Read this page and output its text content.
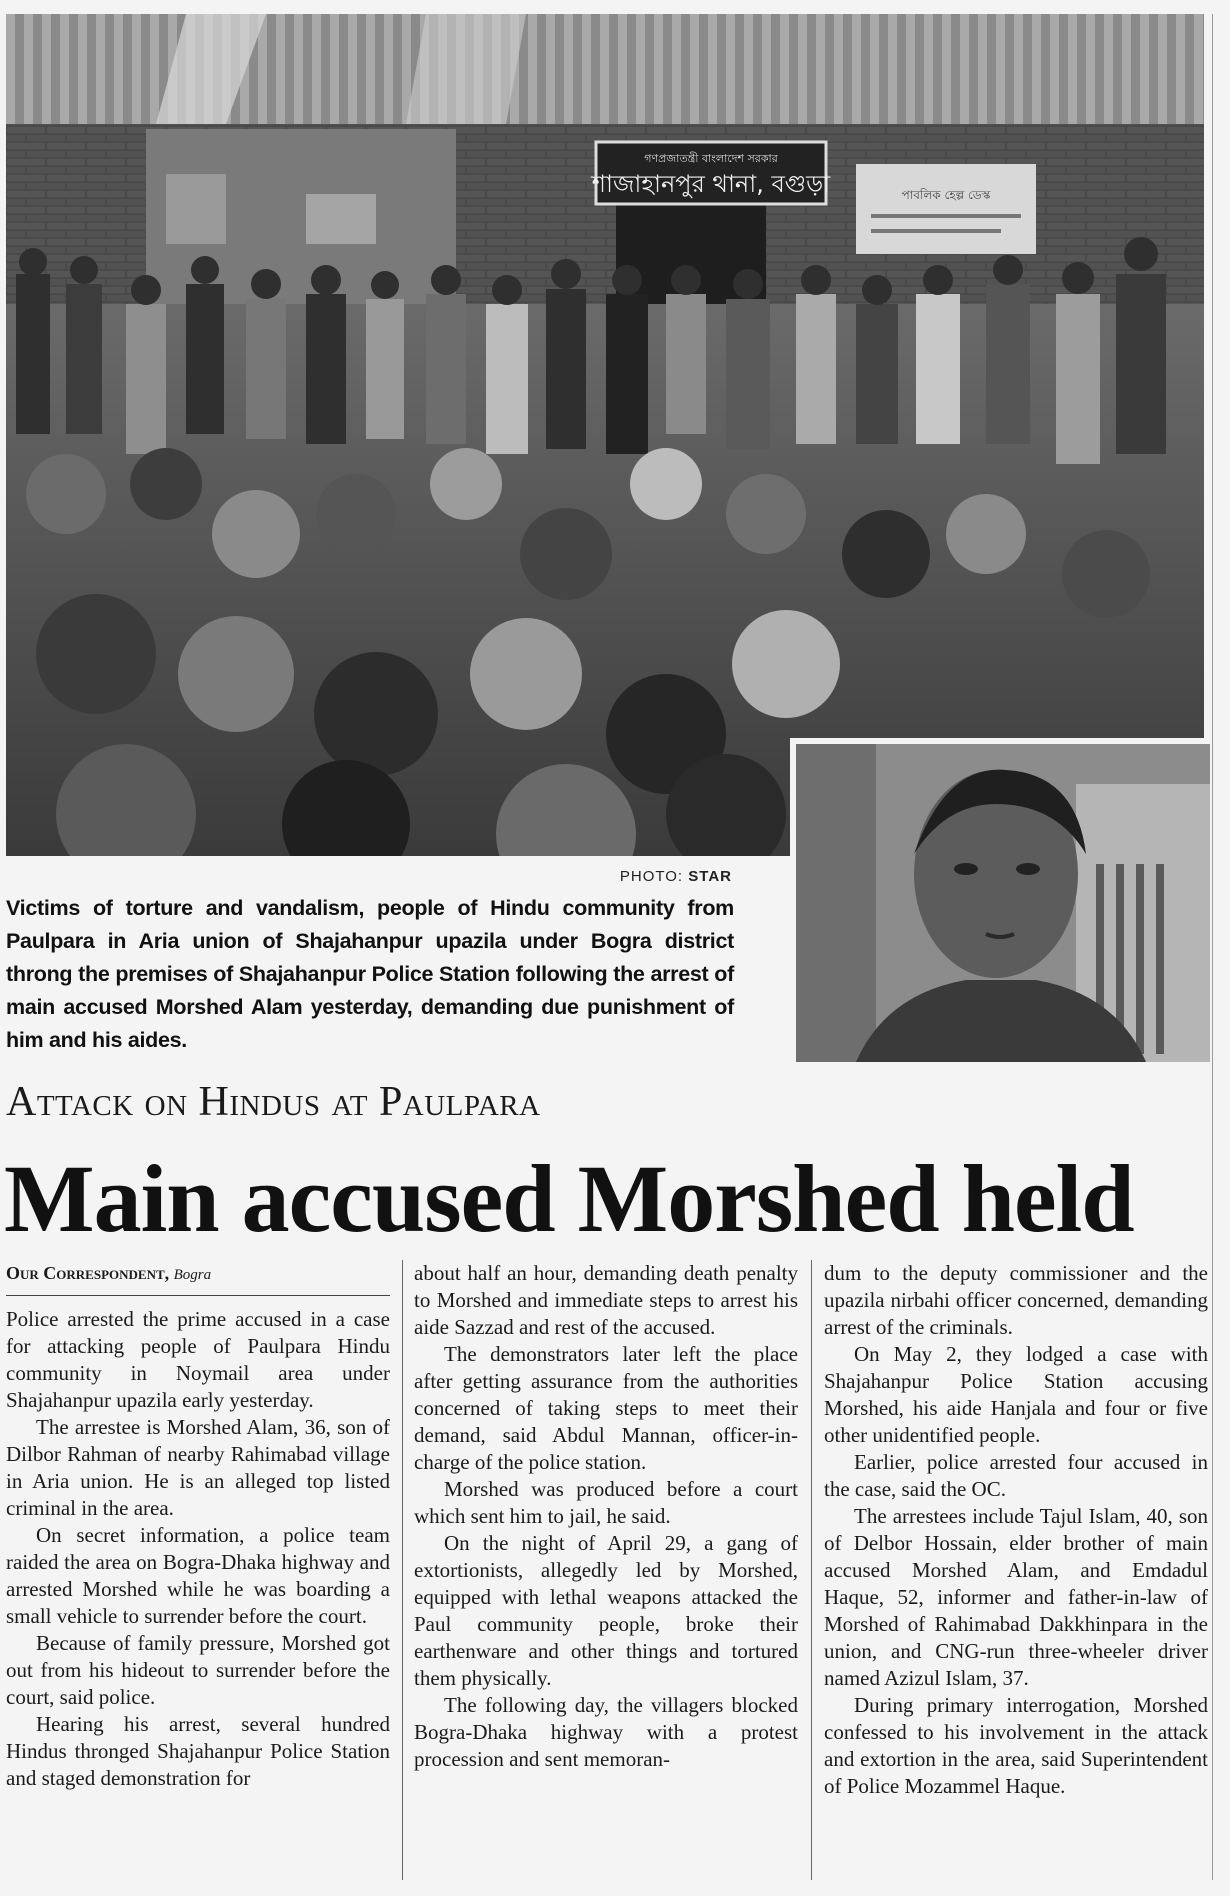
গণপ্রজাতন্ত্রী বাংলাদেশ সরকার
শাজাহানপুর থানা, বগুড়া	পাবলিক হেল্প ডেস্ক
PHOTO: STAR
Victims of torture and vandalism, people of Hindu community from Paulpara in Aria union of Shajahanpur upazila under Bogra district throng the premises of Shajahanpur Police Station following the arrest of main accused Morshed Alam yesterday, demanding due punishment of him and his aides.
Attack on Hindus at Paulpara
Main accused Morshed held
Our Correspondent, Bogra

Police arrested the prime accused in a case for attacking people of Paulpara Hindu community in Noymail area under Shajahanpur upazila early yesterday.

The arrestee is Morshed Alam, 36, son of Dilbor Rahman of nearby Rahimabad village in Aria union. He is an alleged top listed criminal in the area.

On secret information, a police team raided the area on Bogra-Dhaka highway and arrested Morshed while he was boarding a small vehicle to surrender before the court.

Because of family pressure, Morshed got out from his hideout to surrender before the court, said police.

Hearing his arrest, several hundred Hindus thronged Shajahanpur Police Station and staged demonstration for

about half an hour, demanding death penalty to Morshed and immediate steps to arrest his aide Sazzad and rest of the accused.

The demonstrators later left the place after getting assurance from the authorities concerned of taking steps to meet their demand, said Abdul Mannan, officer-in-charge of the police station.

Morshed was produced before a court which sent him to jail, he said.

On the night of April 29, a gang of extortionists, allegedly led by Morshed, equipped with lethal weapons attacked the Paul community people, broke their earthenware and other things and tortured them physically.

The following day, the villagers blocked Bogra-Dhaka highway with a protest procession and sent memoran-

dum to the deputy commissioner and the upazila nirbahi officer concerned, demanding arrest of the criminals.

On May 2, they lodged a case with Shajahanpur Police Station accusing Morshed, his aide Hanjala and four or five other unidentified people.

Earlier, police arrested four accused in the case, said the OC.

The arrestees include Tajul Islam, 40, son of Delbor Hossain, elder brother of main accused Morshed Alam, and Emdadul Haque, 52, informer and father-in-law of Morshed of Rahimabad Dakkhinpara in the union, and CNG-run three-wheeler driver named Azizul Islam, 37.

During primary interrogation, Morshed confessed to his involvement in the attack and extortion in the area, said Superintendent of Police Mozammel Haque.
